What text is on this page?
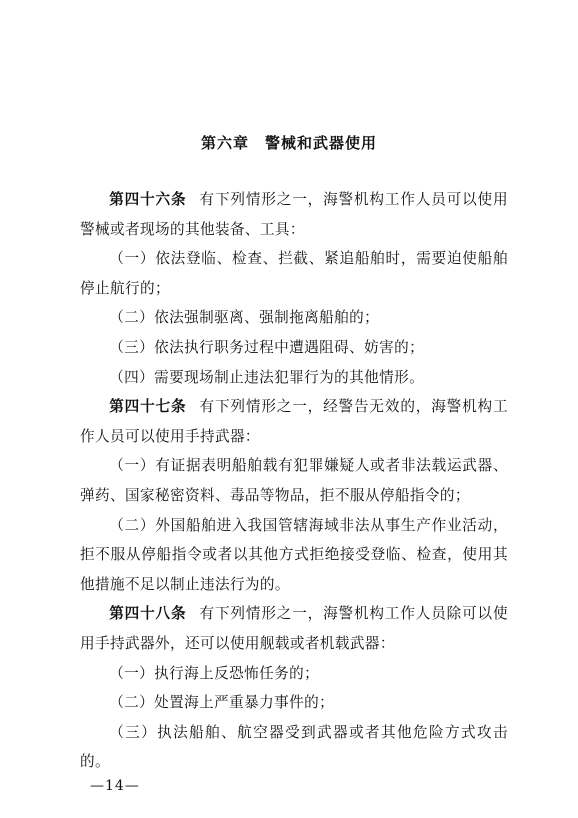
第六章　警械和武器使用

第四十六条 有下列情形之一，海警机构工作人员可以使用警械或者现场的其他装备、工具：

（一）依法登临、检查、拦截、紧追船舶时，需要迫使船舶停止航行的；

（二）依法强制驱离、强制拖离船舶的；

（三）依法执行职务过程中遭遇阻碍、妨害的；

（四）需要现场制止违法犯罪行为的其他情形。

第四十七条 有下列情形之一，经警告无效的，海警机构工作人员可以使用手持武器：

（一）有证据表明船舶载有犯罪嫌疑人或者非法载运武器、弹药、国家秘密资料、毒品等物品，拒不服从停船指令的；

（二）外国船舶进入我国管辖海域非法从事生产作业活动，拒不服从停船指令或者以其他方式拒绝接受登临、检查，使用其他措施不足以制止违法行为的。

第四十八条 有下列情形之一，海警机构工作人员除可以使用手持武器外，还可以使用舰载或者机载武器：

（一）执行海上反恐怖任务的；

（二）处置海上严重暴力事件的；

（三）执法船舶、航空器受到武器或者其他危险方式攻击的。

—14—
